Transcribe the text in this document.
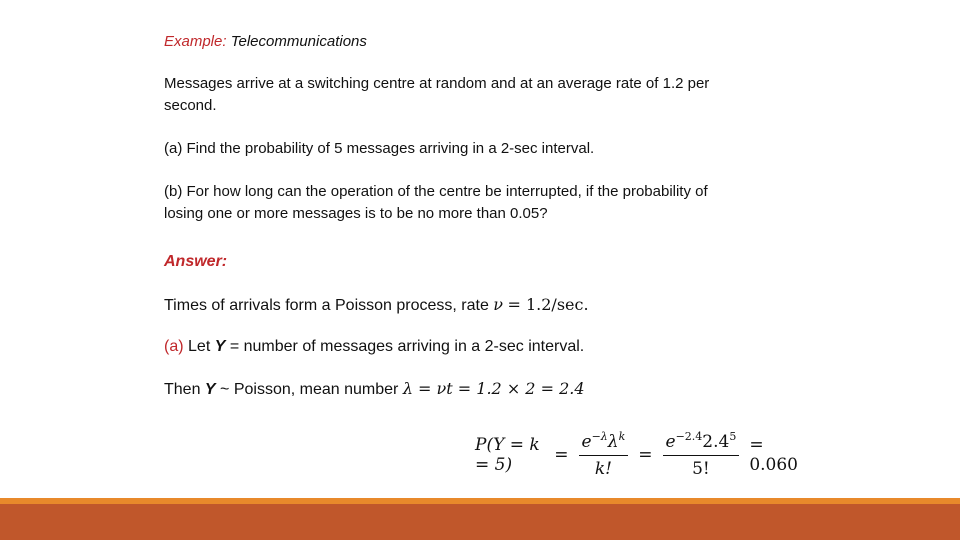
Example: Telecommunications

Messages arrive at a switching centre at random and at an average rate of 1.2 per

second.

(a) Find the probability of 5 messages arriving in a 2-sec interval.

(b) For how long can the operation of the centre be interrupted, if the probability of

losing one or more messages is to be no more than 0.05?

Answer:

Times of arrivals form a Poisson process, rate ν = 1.2/sec.

(a) Let Y = number of messages arriving in a 2-sec interval.

Then Y ~ Poisson, mean number λ = νt = 1.2 × 2 = 2.4

P(Y = k = 5)	= $\frac{e^{-\lambda}\lambda^k}{k!} = \frac{e^{-2.4}2.4^5}{5!} = 0.060$
